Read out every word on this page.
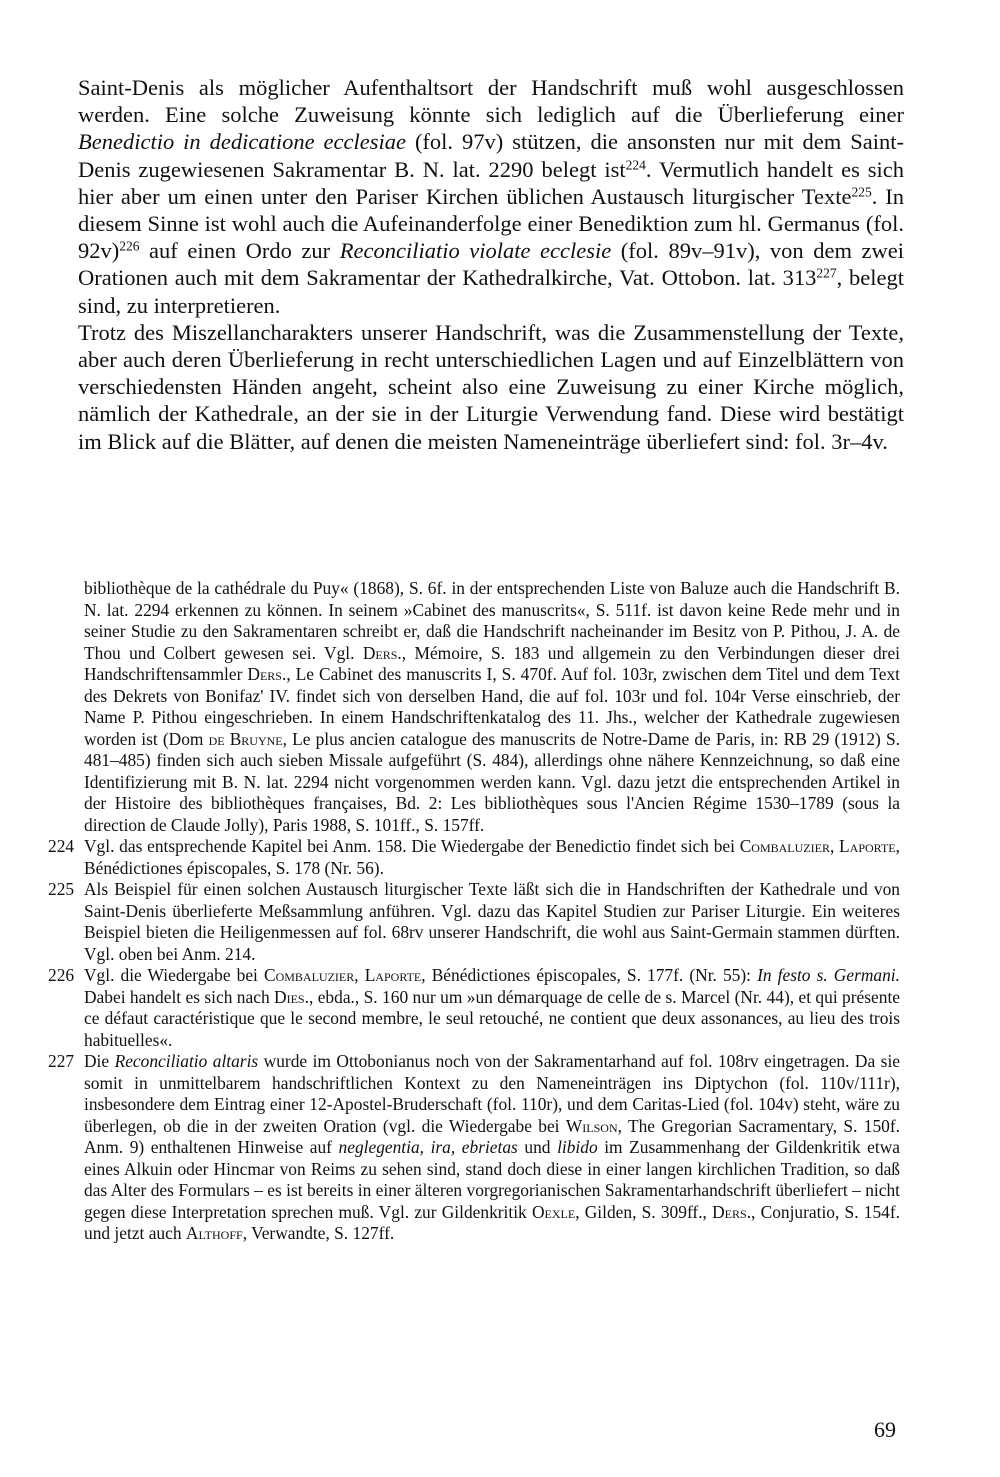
Saint-Denis als möglicher Aufenthaltsort der Handschrift muß wohl ausgeschlossen werden. Eine solche Zuweisung könnte sich lediglich auf die Überlieferung einer Benedictio in dedicatione ecclesiae (fol. 97v) stützen, die ansonsten nur mit dem Saint-Denis zugewiesenen Sakramentar B. N. lat. 2290 belegt ist$^{224}$. Vermutlich handelt es sich hier aber um einen unter den Pariser Kirchen üblichen Austausch liturgischer Texte$^{225}$. In diesem Sinne ist wohl auch die Aufeinanderfolge einer Benediktion zum hl. Germanus (fol. 92v)$^{226}$ auf einen Ordo zur Reconciliatio violate ecclesie (fol. 89v–91v), von dem zwei Orationen auch mit dem Sakramentar der Kathedralkirche, Vat. Ottobon. lat. $313^{227}$, belegt sind, zu interpretieren.

Trotz des Miszellancharakters unserer Handschrift, was die Zusammenstellung der Texte, aber auch deren Überlieferung in recht unterschiedlichen Lagen und auf Einzelblättern von verschiedensten Händen angeht, scheint also eine Zuweisung zu einer Kirche möglich, nämlich der Kathedrale, an der sie in der Liturgie Verwendung fand. Diese wird bestätigt im Blick auf die Blätter, auf denen die meisten Nameneinträge überliefert sind: fol. 3r–4v.

bibliothèque de la cathédrale du Puy« (1868), S. 6f. in der entsprechenden Liste von Baluze auch die Handschrift B. N. lat. 2294 erkennen zu können. In seinem »Cabinet des manuscrits«, S. 511f. ist davon keine Rede mehr und in seiner Studie zu den Sakramentaren schreibt er, daß die Handschrift nacheinander im Besitz von P. Pithou, J. A. de Thou und Colbert gewesen sei. Vgl. Ders., Mémoire, S. 183 und allgemein zu den Verbindungen dieser drei Handschriftensammler Ders., Le Cabinet des manuscrits I, S. 470f. Auf fol. 103r, zwischen dem Titel und dem Text des Dekrets von Bonifaz' IV. findet sich von derselben Hand, die auf fol. 103r und fol. 104r Verse einschrieb, der Name P. Pithou eingeschrieben. In einem Handschriftenkatalog des 11. Jhs., welcher der Kathedrale zugewiesen worden ist (Dom de Bruyne, Le plus ancien catalogue des manuscrits de Notre-Dame de Paris, in: RB 29 (1912) S. 481–485) finden sich auch sieben Missale aufgeführt (S. 484), allerdings ohne nähere Kennzeichnung, so daß eine Identifizierung mit B. N. lat. 2294 nicht vorgenommen werden kann. Vgl. dazu jetzt die entsprechenden Artikel in der Histoire des bibliothèques françaises, Bd. 2: Les bibliothèques sous l'Ancien Régime 1530–1789 (sous la direction de Claude Jolly), Paris 1988, S. 101ff., S. 157ff.

224 Vgl. das entsprechende Kapitel bei Anm. 158. Die Wiedergabe der Benedictio findet sich bei Combaluzier, Laporte, Bénédictiones épiscopales, S. 178 (Nr. 56).

225 Als Beispiel für einen solchen Austausch liturgischer Texte läßt sich die in Handschriften der Kathedrale und von Saint-Denis überlieferte Meßsammlung anführen. Vgl. dazu das Kapitel Studien zur Pariser Liturgie. Ein weiteres Beispiel bieten die Heiligenmessen auf fol. 68rv unserer Handschrift, die wohl aus Saint-Germain stammen dürften. Vgl. oben bei Anm. 214.

226 Vgl. die Wiedergabe bei Combaluzier, Laporte, Bénédictiones épiscopales, S. 177f. (Nr. 55): In festo s. Germani. Dabei handelt es sich nach Dies., ebda., S. 160 nur um »un démarquage de celle de s. Marcel (Nr. 44), et qui présente ce défaut caractéristique que le second membre, le seul retouché, ne contient que deux assonances, au lieu des trois habituelles«.

227 Die Reconciliatio altaris wurde im Ottobonianus noch von der Sakramentarhand auf fol. 108rv eingetragen. Da sie somit in unmittelbarem handschriftlichen Kontext zu den Nameneinträgen ins Diptychon (fol. 110v/111r), insbesondere dem Eintrag einer 12-Apostel-Bruderschaft (fol. 110r), und dem Caritas-Lied (fol. 104v) steht, wäre zu überlegen, ob die in der zweiten Oration (vgl. die Wiedergabe bei Wilson, The Gregorian Sacramentary, S. 150f. Anm. 9) enthaltenen Hinweise auf neglegentia, ira, ebrietas und libido im Zusammenhang der Gildenkritik etwa eines Alkuin oder Hincmar von Reims zu sehen sind, stand doch diese in einer langen kirchlichen Tradition, so daß das Alter des Formulars – es ist bereits in einer älteren vorgregorianischen Sakramentarhandschrift überliefert – nicht gegen diese Interpretation sprechen muß. Vgl. zur Gildenkritik Oexle, Gilden, S. 309ff., Ders., Conjuratio, S. 154f. und jetzt auch Althoff, Verwandte, S. 127ff.

69
